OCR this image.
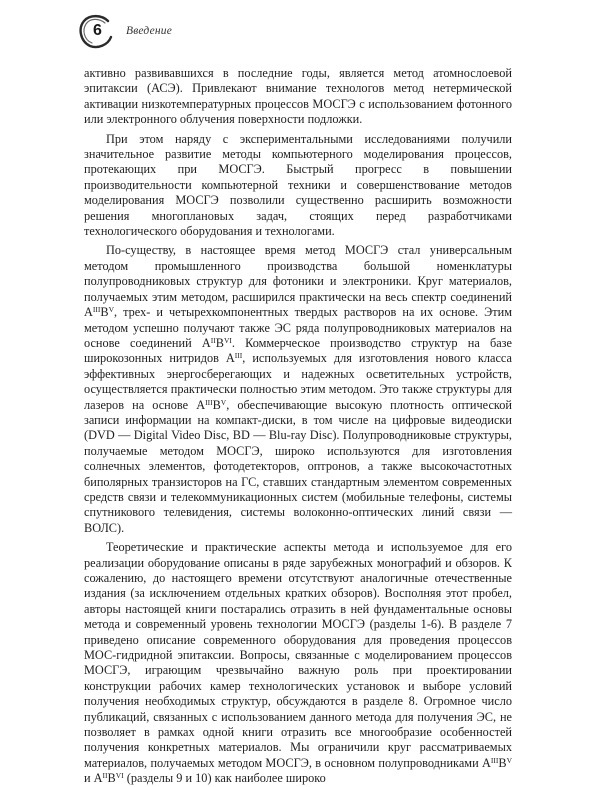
6	Введение

активно развивавшихся в последние годы, является метод атомнослоевой эпитаксии (АСЭ). Привлекают внимание технологов метод нетермической активации низкотемпературных процессов МОСГЭ с использованием фотонного или электронного облучения поверхности подложки.

При этом наряду с экспериментальными исследованиями получили значительное развитие методы компьютерного моделирования процессов, протекающих при МОСГЭ. Быстрый прогресс в повышении производительности компьютерной техники и совершенствование методов моделирования МОСГЭ позволили существенно расширить возможности решения многоплановых задач, стоящих перед разработчиками технологического оборудования и технологами.

По-существу, в настоящее время метод МОСГЭ стал универсальным методом промышленного производства большой номенклатуры полупроводниковых структур для фотоники и электроники. Круг материалов, получаемых этим методом, расширился практически на весь спектр соединений $A^{III}B^V$, трех- и четырехкомпонентных твердых растворов на их основе. Этим методом успешно получают также ЭС ряда полупроводниковых материалов на основе соединений $A^{II}B^{VI}$. Коммерческое производство структур на базе широкозонных нитридов $A^{III}$, используемых для изготовления нового класса эффективных энергосберегающих и надежных осветительных устройств, осуществляется практически полностью этим методом. Это также структуры для лазеров на основе $A^{III}B^V$, обеспечивающие высокую плотность оптической записи информации на компакт-диски, в том числе на цифровые видеодиски (DVD — Digital Video Disc, BD — Blu-ray Disc). Полупроводниковые структуры, получаемые методом МОСГЭ, широко используются для изготовления солнечных элементов, фотодетекторов, оптронов, а также высокочастотных биполярных транзисторов на ГС, ставших стандартным элементом современных средств связи и телекоммуникационных систем (мобильные телефоны, системы спутникового телевидения, системы волоконно-оптических линий связи — ВОЛС).

Теоретические и практические аспекты метода и используемое для его реализации оборудование описаны в ряде зарубежных монографий и обзоров. К сожалению, до настоящего времени отсутствуют аналогичные отечественные издания (за исключением отдельных кратких обзоров). Восполняя этот пробел, авторы настоящей книги постарались отразить в ней фундаментальные основы метода и современный уровень технологии МОСГЭ (разделы 1-6). В разделе 7 приведено описание современного оборудования для проведения процессов МОС-гидридной эпитаксии. Вопросы, связанные с моделированием процессов МОСГЭ, играющим чрезвычайно важную роль при проектировании конструкции рабочих камер технологических установок и выборе условий получения необходимых структур, обсуждаются в разделе 8. Огромное число публикаций, связанных с использованием данного метода для получения ЭС, не позволяет в рамках одной книги отразить все многообразие особенностей получения конкретных материалов. Мы ограничили круг рассматриваемых материалов, получаемых методом МОСГЭ, в основном полупроводниками $A^{III}B^V$ и $A^{II}B^{VI}$ (разделы 9 и 10) как наиболее широко
